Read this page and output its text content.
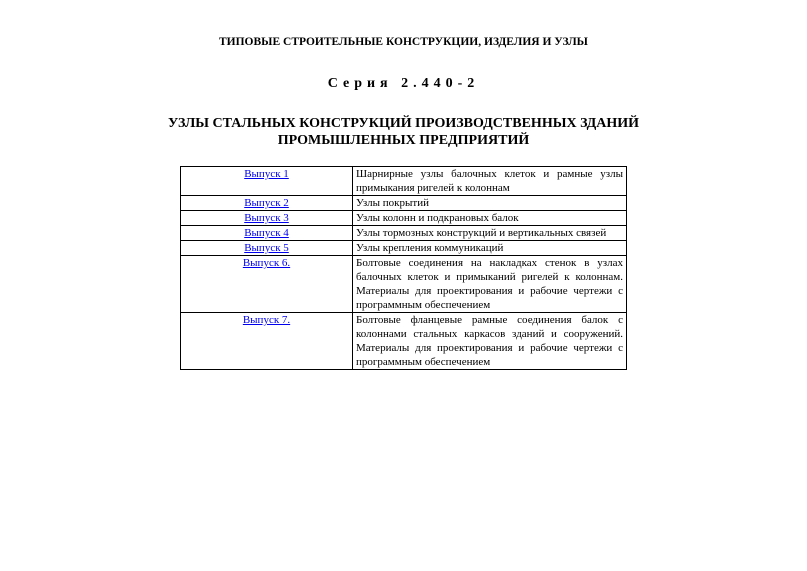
ТИПОВЫЕ СТРОИТЕЛЬНЫЕ КОНСТРУКЦИИ, ИЗДЕЛИЯ И УЗЛЫ
Серия 2.440-2
УЗЛЫ СТАЛЬНЫХ КОНСТРУКЦИЙ ПРОИЗВОДСТВЕННЫХ ЗДАНИЙ
ПРОМЫШЛЕННЫХ ПРЕДПРИЯТИЙ
Выпуск 1	Шарнирные узлы балочных клеток и рамные узлы примыкания ригелей к колоннам
Выпуск 2	Узлы покрытий
Выпуск 3	Узлы колонн и подкрановых балок
Выпуск 4	Узлы тормозных конструкций и вертикальных связей
Выпуск 5	Узлы крепления коммуникаций
Выпуск 6.	Болтовые соединения на накладках стенок в узлах балочных клеток и примыканий ригелей к колоннам. Материалы для проектирования и рабочие чертежи с программным обеспечением
Выпуск 7.	Болтовые фланцевые рамные соединения балок с колоннами стальных каркасов зданий и сооружений. Материалы для проектирования и рабочие чертежи с программным обеспечением
